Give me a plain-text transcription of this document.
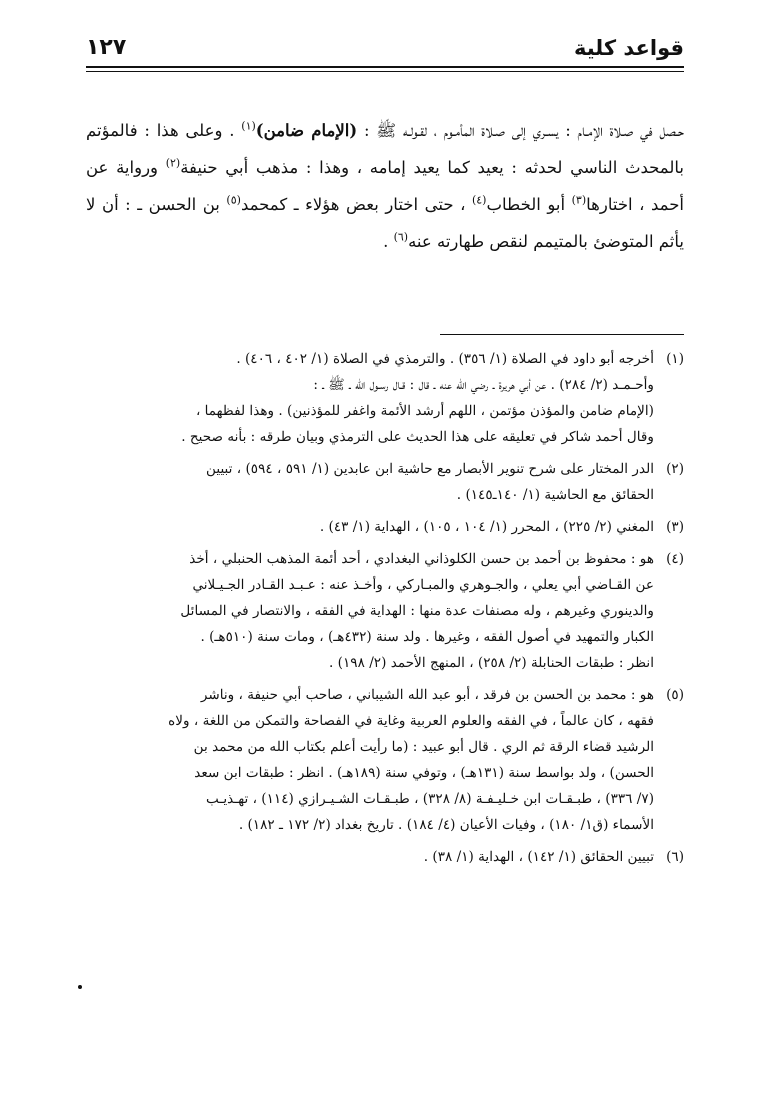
قواعد كلية
١٢٧

حـصل في صـلاة الإمـام : يسـري إلى صـلاة المأمـوم ، لقـولـه ﷺ : (الإمام ضامن)$^{(١)}$ . وعلى هذا : فالمؤتم بالمحدث الناسي لحدثه : يعيد كما يعيد إمامه ، وهذا : مذهب أبي حنيفة$^{(٢)}$ ورواية عن أحمد ، اختارها$^{(٣)}$ أبو الخطاب$^{(٤)}$ ، حتى اختار بعض هؤلاء ـ كمحمد$^{(٥)}$ بن الحسن ـ : أن لا يأثم المتوضئ بالمتيمم لنقص طهارته عنه$^{(٦)}$ .

(١)
أخرجه أبو داود في الصلاة (١/ ٣٥٦) . والترمذي في الصلاة (١/ ٤٠٢ ، ٤٠٦) .
وأحـمـد (٢/ ٢٨٤) . عن أبي هريرة ـ رضي الله عنه ـ قال : قـال رسـول الله ـ ﷺ ـ :
(الإمام ضامن والمؤذن مؤتمن ، اللهم أرشد الأئمة واغفر للمؤذنين) . وهذا لفظهما ،
وقال أحمد شاكر في تعليقه على هذا الحديث على الترمذي وبيان طرقه : بأنه صحيح .
(٢)
الدر المختار على شرح تنوير الأبصار مع حاشية ابن عابدين (١/ ٥٩١ ، ٥٩٤) ، تبيين
الحقائق مع الحاشية (١/ ١٤٠ـ١٤٥) .
(٣)
المغني (٢/ ٢٢٥) ، المحرر (١/ ١٠٤ ، ١٠٥) ، الهداية (١/ ٤٣) .
(٤)
هو : محفوظ بن أحمد بن حسن الكلوذاني البغدادي ، أحد أئمة المذهب الحنبلي ، أخذ
عن القـاضي أبي يعلي ، والجـوهري والمبـاركي ، وأخـذ عنه : عـبـد القـادر الجـيـلاني
والدينوري وغيرهم ، وله مصنفات عدة منها : الهداية في الفقه ، والانتصار في المسائل
الكبار والتمهيد في أصول الفقه ، وغيرها . ولد سنة (٤٣٢هـ) ، ومات سنة (٥١٠هـ) .
انظر : طبقات الحنابلة (٢/ ٢٥٨) ، المنهج الأحمد (٢/ ١٩٨) .
(٥)
هو : محمد بن الحسن بن فرقد ، أبو عبد الله الشيباني ، صاحب أبي حنيفة ، وناشر
فقهه ، كان عالماً ، في الفقه والعلوم العربية وغاية في الفصاحة والتمكن من اللغة ، ولاه
الرشيد قضاء الرقة ثم الري . قال أبو عبيد : (ما رأيت أعلم بكتاب الله من محمد بن
الحسن) ، ولد بواسط سنة (١٣١هـ) ، وتوفي سنة (١٨٩هـ) . انظر : طبقات ابن سعد
(٧/ ٣٣٦) ، طبـقـات ابن خـليـفـة (٨/ ٣٢٨) ، طبـقـات الشـيـرازي (١١٤) ، تهـذيـب
الأسماء (ق١/ ١٨٠) ، وفيات الأعيان (٤/ ١٨٤) . تاريخ بغداد (٢/ ١٧٢ ـ ١٨٢) .
(٦)
تبيين الحقائق (١/ ١٤٢) ، الهداية (١/ ٣٨) .
